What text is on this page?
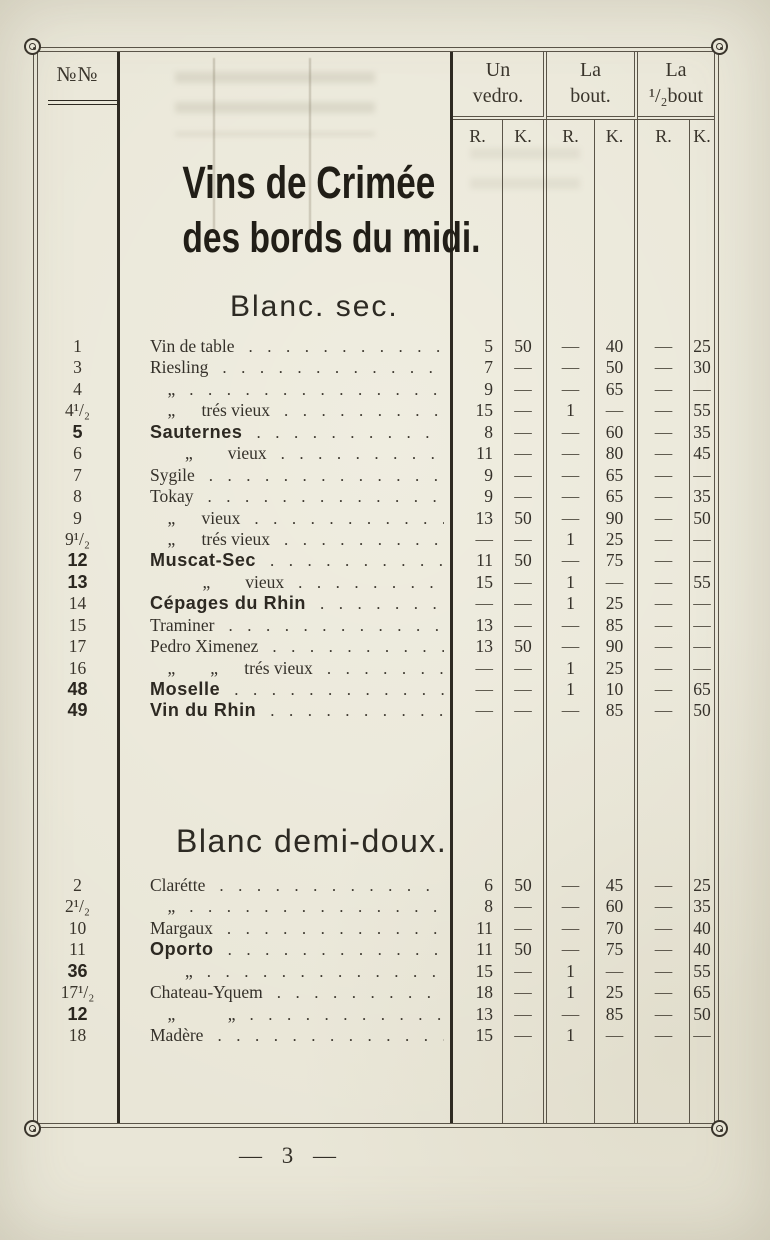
№№	Un
vedro.
La
bout.
La
¹/₂bout
R.	K.	R.	K.	R.	K.
Vins de Crimée
des bords du midi.
Blanc. sec.
1	Vin de table .....	5	50	—	40	—	25
3	Riesling .....	7	—	—	50	—	30
4	 „ .....	9	—	—	65	—	—
4¹/₂	 „  trés vieux .....	15	—	1	—	—	55
5	Sauternes .....	8	—	—	60	—	35
6	  „  vieux .....	11	—	—	80	—	45
7	Sygile .....	9	—	—	65	—	—
8	Tokay .....	9	—	—	65	—	35
9	 „  vieux .....	13	50	—	90	—	50
9¹/₂	 „  trés vieux .....	—	—	1	25	—	—
12	Muscat-Sec .....	11	50	—	75	—	—
13	   „  vieux .....	15	—	1	—	—	55
14	Cépages du Rhin .....	—	—	1	25	—	—
15	Traminer .....	13	—	—	85	—	—
17	Pedro Ximenez .....	13	50	—	90	—	—
16	 „  „  trés vieux .....	—	—	1	25	—	—
48	Moselle .....	—	—	1	10	—	65
49	Vin du Rhin .....	—	—	—	85	—	50
Blanc demi-doux.
2	Clarétte .....	6	50	—	45	—	25
2¹/₂	 „ .....	8	—	—	60	—	35
10	Margaux .....	11	—	—	70	—	40
11	Oporto .....	11	50	—	75	—	40
36	  „ .....	15	—	1	—	—	55
17¹/₂	Chateau-Yquem .....	18	—	1	25	—	65
12	 „   „ .....	13	—	—	85	—	50
18	Madère .....	15	—	1	—	—	—
— 3 —
